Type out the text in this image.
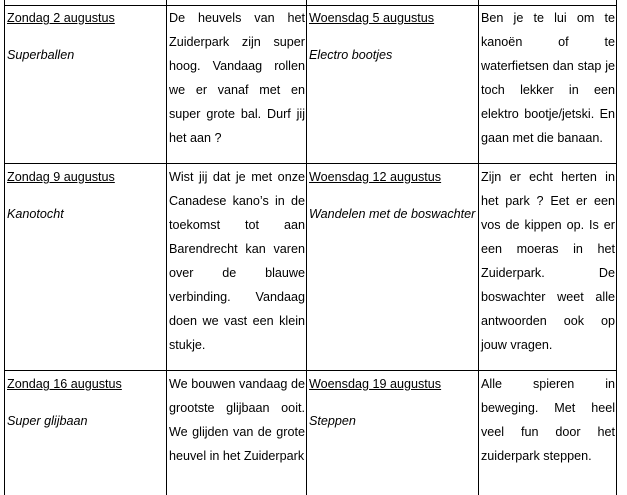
Zondag 2 augustus
Superballen
De heuvels van het Zuiderpark zijn super hoog. Vandaag rollen we er vanaf met en super grote bal. Durf jij het aan ?
Woensdag 5 augustus
Electro bootjes
Ben je te lui om te kanoën of te waterfietsen dan stap je toch lekker in een elektro bootje/jetski. En gaan met die banaan.
Zondag 9 augustus
Kanotocht
Wist jij dat je met onze Canadese kano’s in de toekomst tot aan Barendrecht kan varen over de blauwe verbinding. Vandaag doen we vast een klein stukje.
Woensdag 12 augustus
Wandelen met de boswachter
Zijn er echt herten in het park ? Eet er een vos de kippen op. Is er een moeras in het Zuiderpark. De boswachter weet alle antwoorden ook op jouw vragen.
Zondag 16 augustus
Super glijbaan
We bouwen vandaag de grootste glijbaan ooit. We glijden van de grote heuvel in het Zuiderpark
Woensdag 19 augustus
Steppen
Alle spieren in beweging. Met heel veel fun door het zuiderpark steppen.
